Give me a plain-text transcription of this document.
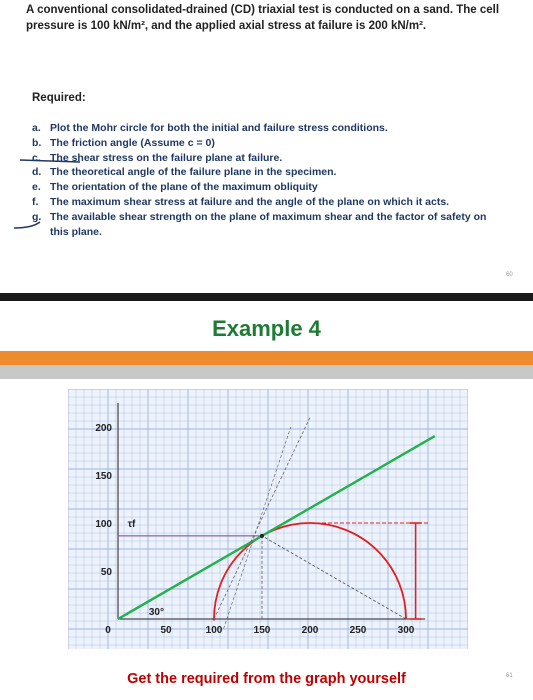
A conventional consolidated-drained (CD) triaxial test is conducted on a sand. The cell pressure is 100 kN/m², and the applied axial stress at failure is 200 kN/m².

Required:

a. Plot the Mohr circle for both the initial and failure stress conditions.
b. The friction angle (Assume c = 0)
c. The shear stress on the failure plane at failure.
d. The theoretical angle of the failure plane in the specimen.
e. The orientation of the plane of the maximum obliquity
f.	The maximum shear stress at failure and the angle of the plane on which it acts.
g. The available shear strength on the plane of maximum shear and the factor of safety on this plane.
60

Example 4

50	100	150	200	250	300
200
150
100
50
0
30°
τf

Get the required from the graph yourself	61
